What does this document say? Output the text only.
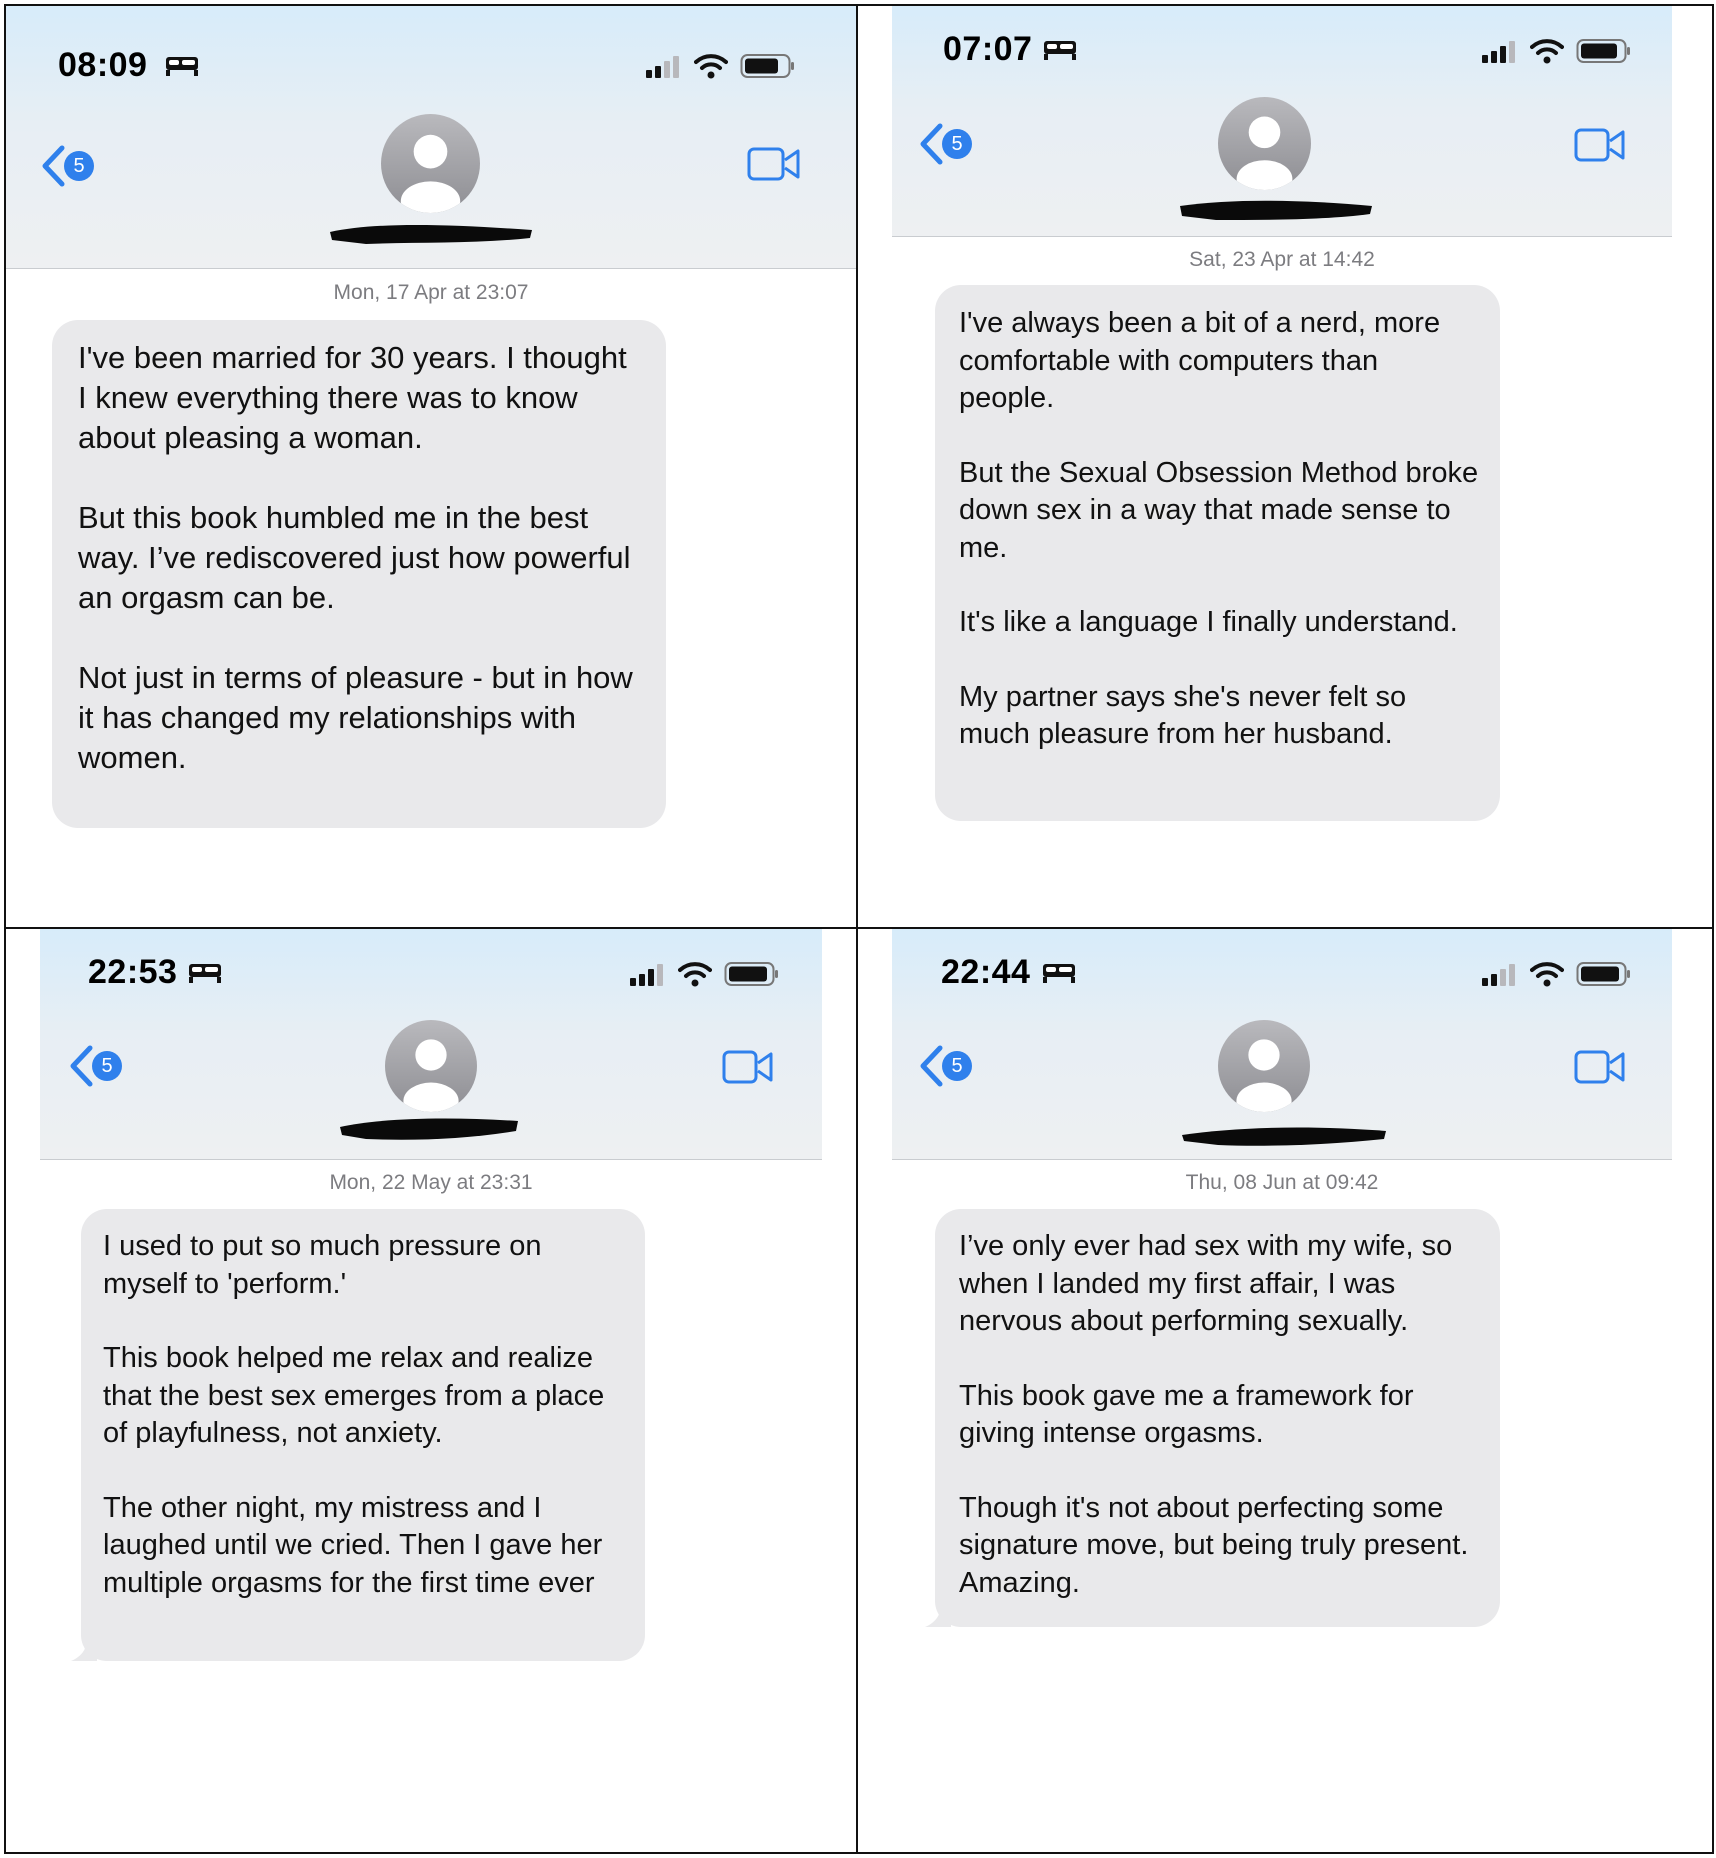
08:09
5
Mon, 17 Apr at 23:07

I've been married for 30 years. I thought I knew everything there was to know about pleasing a woman.

But this book humbled me in the best way. I’ve rediscovered just how powerful an orgasm can be.

Not just in terms of pleasure - but in how it has changed my relationships with women.

07:07
5
Sat, 23 Apr at 14:42

I've always been a bit of a nerd, more comfortable with computers than people.

But the Sexual Obsession Method broke down sex in a way that made sense to me.

It's like a language I finally understand.

My partner says she's never felt so much pleasure from her husband.

22:53
5
Mon, 22 May at 23:31

I used to put so much pressure on myself to 'perform.'

This book helped me relax and realize that the best sex emerges from a place of playfulness, not anxiety.

The other night, my mistress and I laughed until we cried. Then I gave her multiple orgasms for the first time ever

22:44
5
Thu, 08 Jun at 09:42

I’ve only ever had sex with my wife, so when I landed my first affair, I was nervous about performing sexually.

This book gave me a framework for giving intense orgasms.

Though it's not about perfecting some signature move, but being truly present. Amazing.
